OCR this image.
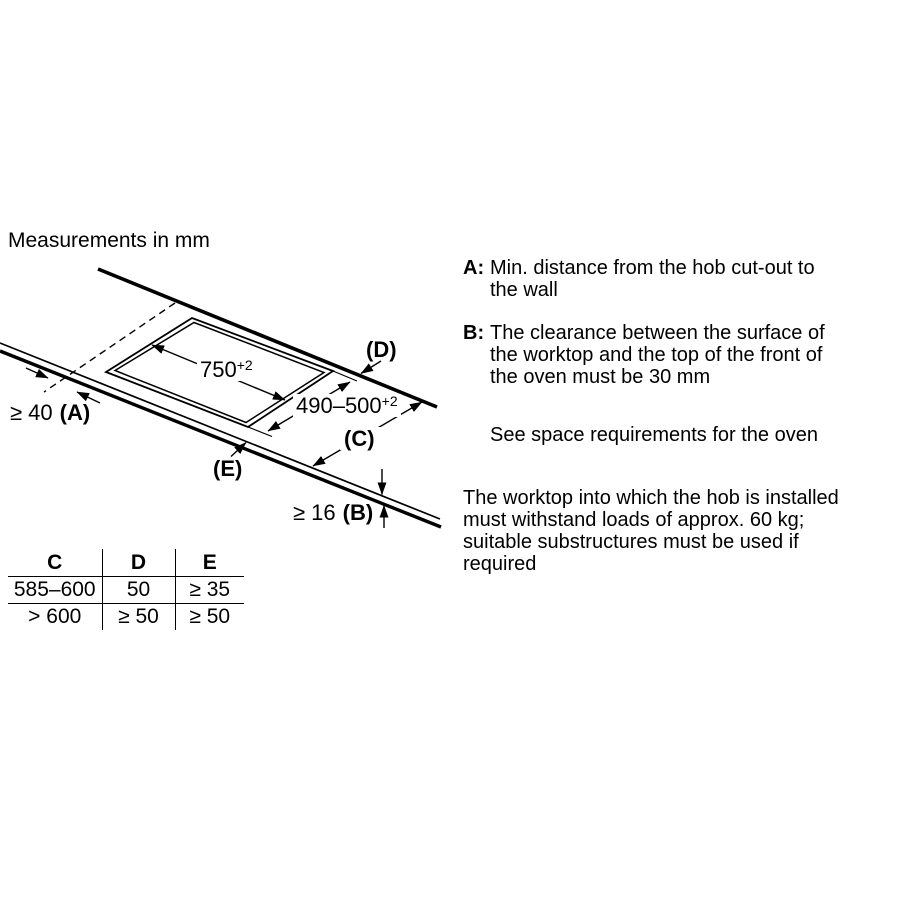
Measurements in mm
$750^{+2}$
$490-500^{+2}$
≥ 40 (A)
≥ 16 (B)
(D)
(C)
(E)
C	D	E
585–600	50	≥ 35
> 600	≥ 50	≥ 50
A: Min. distance from the hob cut-out to the wall
B: The clearance between the surface of the worktop and the top of the front of the oven must be 30 mm
See space requirements for the oven
The worktop into which the hob is installed must withstand loads of approx. 60 kg; suitable substructures must be used if required
